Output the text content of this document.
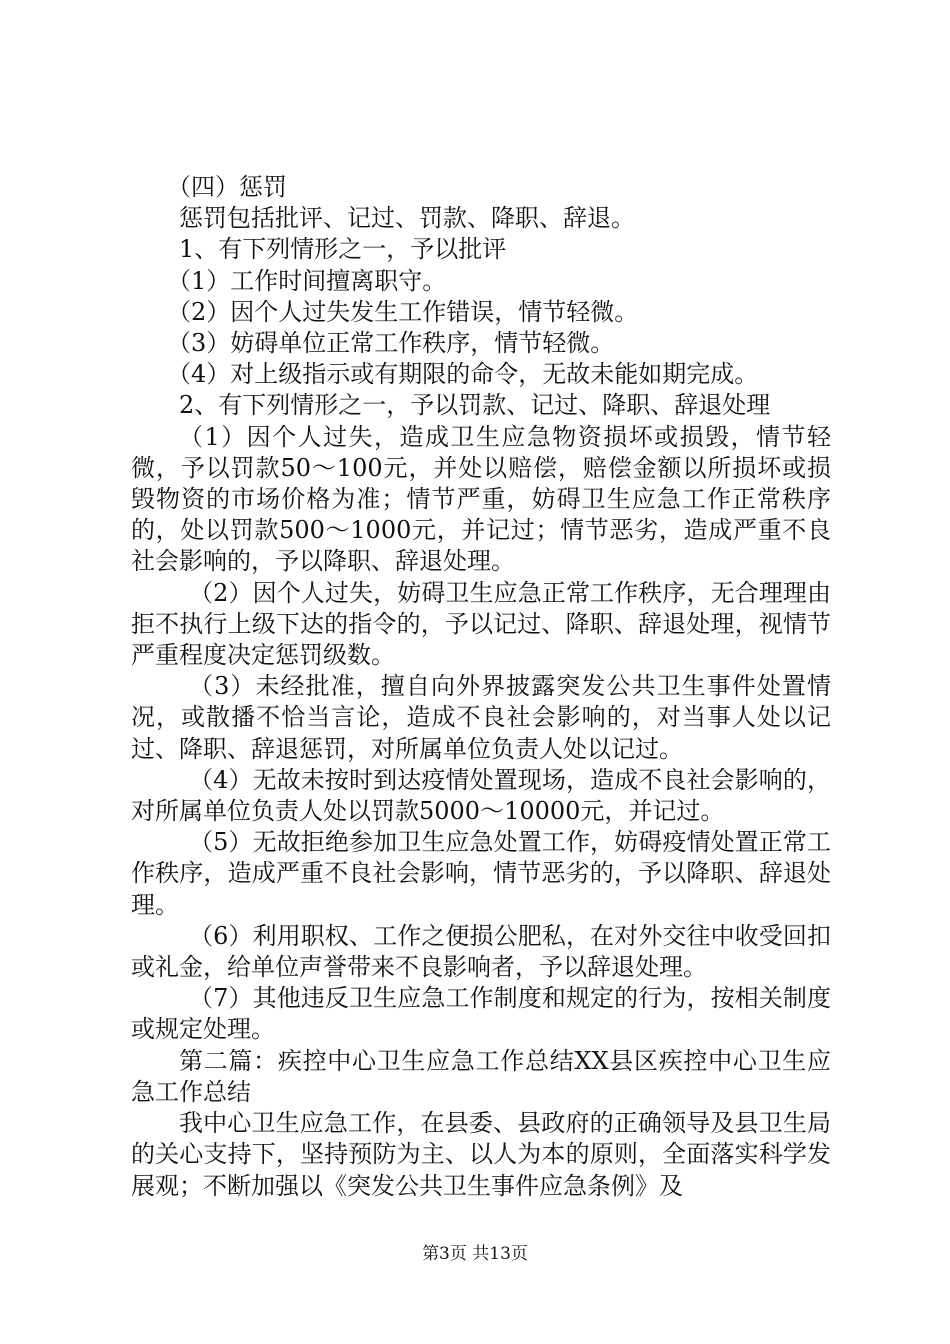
（四）惩罚

惩罚包括批评、记过、罚款、降职、辞退。

1、有下列情形之一，予以批评

（1）工作时间擅离职守。

（2）因个人过失发生工作错误，情节轻微。

（3）妨碍单位正常工作秩序，情节轻微。

（4）对上级指示或有期限的命令，无故未能如期完成。

2、有下列情形之一，予以罚款、记过、降职、辞退处理

（1）因个人过失，造成卫生应急物资损坏或损毁，情节轻微，予以罚款50～100元，并处以赔偿，赔偿金额以所损坏或损毁物资的市场价格为准；情节严重，妨碍卫生应急工作正常秩序的，处以罚款500～1000元，并记过；情节恶劣，造成严重不良社会影响的，予以降职、辞退处理。

（2）因个人过失，妨碍卫生应急正常工作秩序，无合理理由拒不执行上级下达的指令的，予以记过、降职、辞退处理，视情节严重程度决定惩罚级数。

（3）未经批准，擅自向外界披露突发公共卫生事件处置情况，或散播不恰当言论，造成不良社会影响的，对当事人处以记过、降职、辞退惩罚，对所属单位负责人处以记过。

（4）无故未按时到达疫情处置现场，造成不良社会影响的，对所属单位负责人处以罚款5000～10000元，并记过。

（5）无故拒绝参加卫生应急处置工作，妨碍疫情处置正常工作秩序，造成严重不良社会影响，情节恶劣的，予以降职、辞退处理。

（6）利用职权、工作之便损公肥私，在对外交往中收受回扣或礼金，给单位声誉带来不良影响者，予以辞退处理。

（7）其他违反卫生应急工作制度和规定的行为，按相关制度或规定处理。

第二篇：疾控中心卫生应急工作总结XX县区疾控中心卫生应急工作总结

我中心卫生应急工作，在县委、县政府的正确领导及县卫生局的关心支持下，坚持预防为主、以人为本的原则，全面落实科学发展观；不断加强以《突发公共卫生事件应急条例》及

第3页 共13页
